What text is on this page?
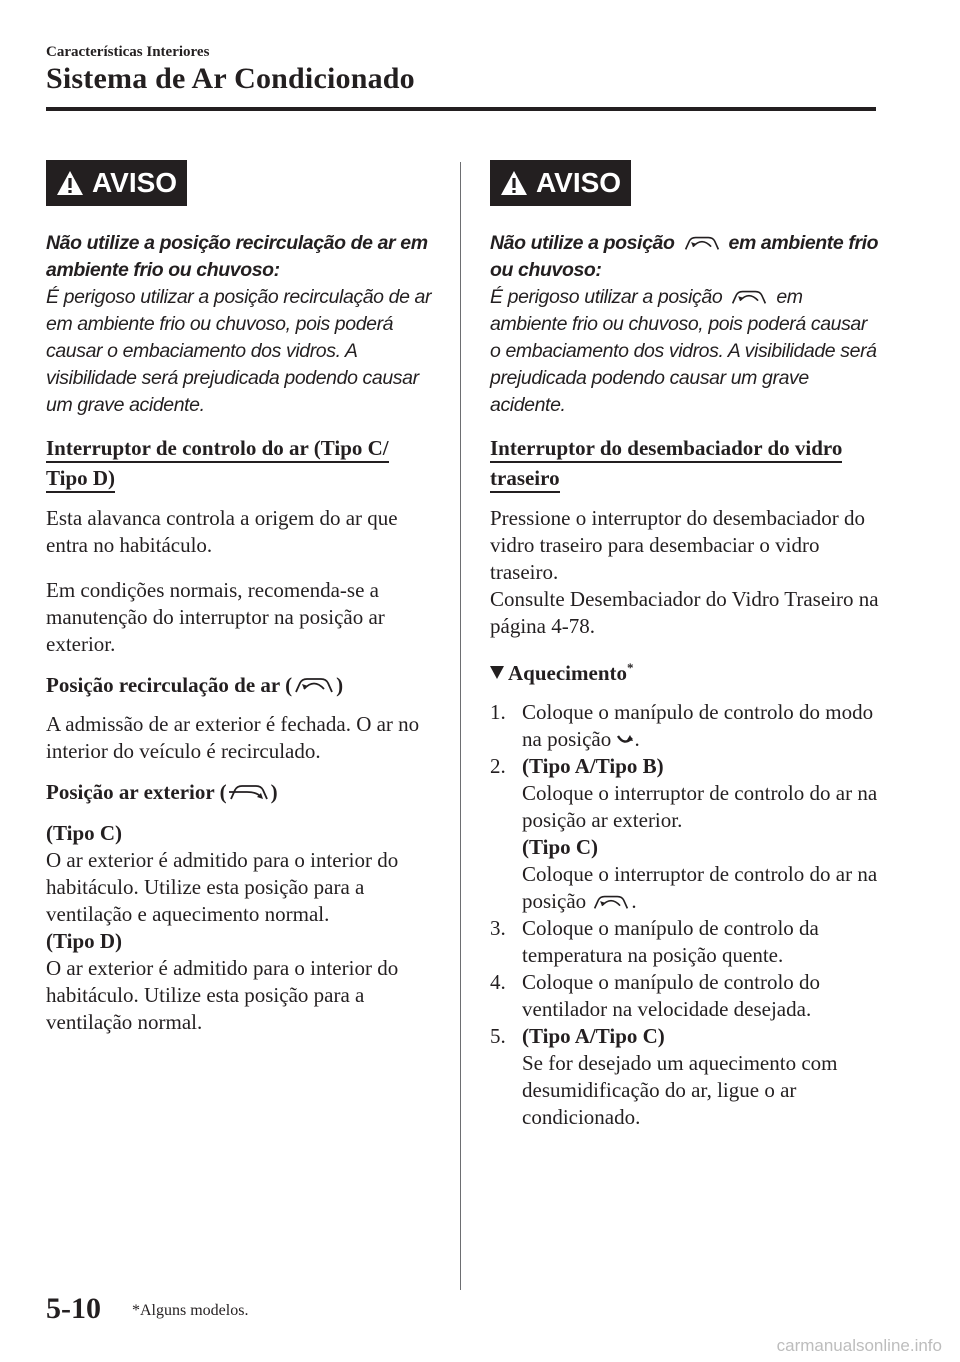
Características Interiores
Sistema de Ar Condicionado
AVISO
Não utilize a posição recirculação de ar em ambiente frio ou chuvoso:
É perigoso utilizar a posição recirculação de ar em ambiente frio ou chuvoso, pois poderá causar o embaciamento dos vidros. A visibilidade será prejudicada podendo causar um grave acidente.
Interruptor de controlo do ar (Tipo C/
Tipo D)
Esta alavanca controla a origem do ar que entra no habitáculo.
Em condições normais, recomenda-se a manutenção do interruptor na posição ar exterior.
Posição recirculação de ar ( )
A admissão de ar exterior é fechada. O ar no interior do veículo é recirculado.
Posição ar exterior ( )
(Tipo C)
O ar exterior é admitido para o interior do habitáculo. Utilize esta posição para a ventilação e aquecimento normal.
(Tipo D)
O ar exterior é admitido para o interior do habitáculo. Utilize esta posição para a ventilação normal.
AVISO
Não utilize a posição  em ambiente frio ou chuvoso:
É perigoso utilizar a posição  em ambiente frio ou chuvoso, pois poderá causar o embaciamento dos vidros. A visibilidade será prejudicada podendo causar um grave acidente.
Interruptor do desembaciador do vidro
traseiro
Pressione o interruptor do desembaciador do vidro traseiro para desembaciar o vidro traseiro.
Consulte Desembaciador do Vidro Traseiro na página 4-78.
Aquecimento*
1. Coloque o manípulo de controlo do modo na posição .
2. (Tipo A/Tipo B)
Coloque o interruptor de controlo do ar na posição ar exterior.
(Tipo C)
Coloque o interruptor de controlo do ar na posição .
3. Coloque o manípulo de controlo da temperatura na posição quente.
4. Coloque o manípulo de controlo do ventilador na velocidade desejada.
5. (Tipo A/Tipo C)
Se for desejado um aquecimento com desumidificação do ar, ligue o ar condicionado.
5-10 *Alguns modelos.
carmanualsonline.info
